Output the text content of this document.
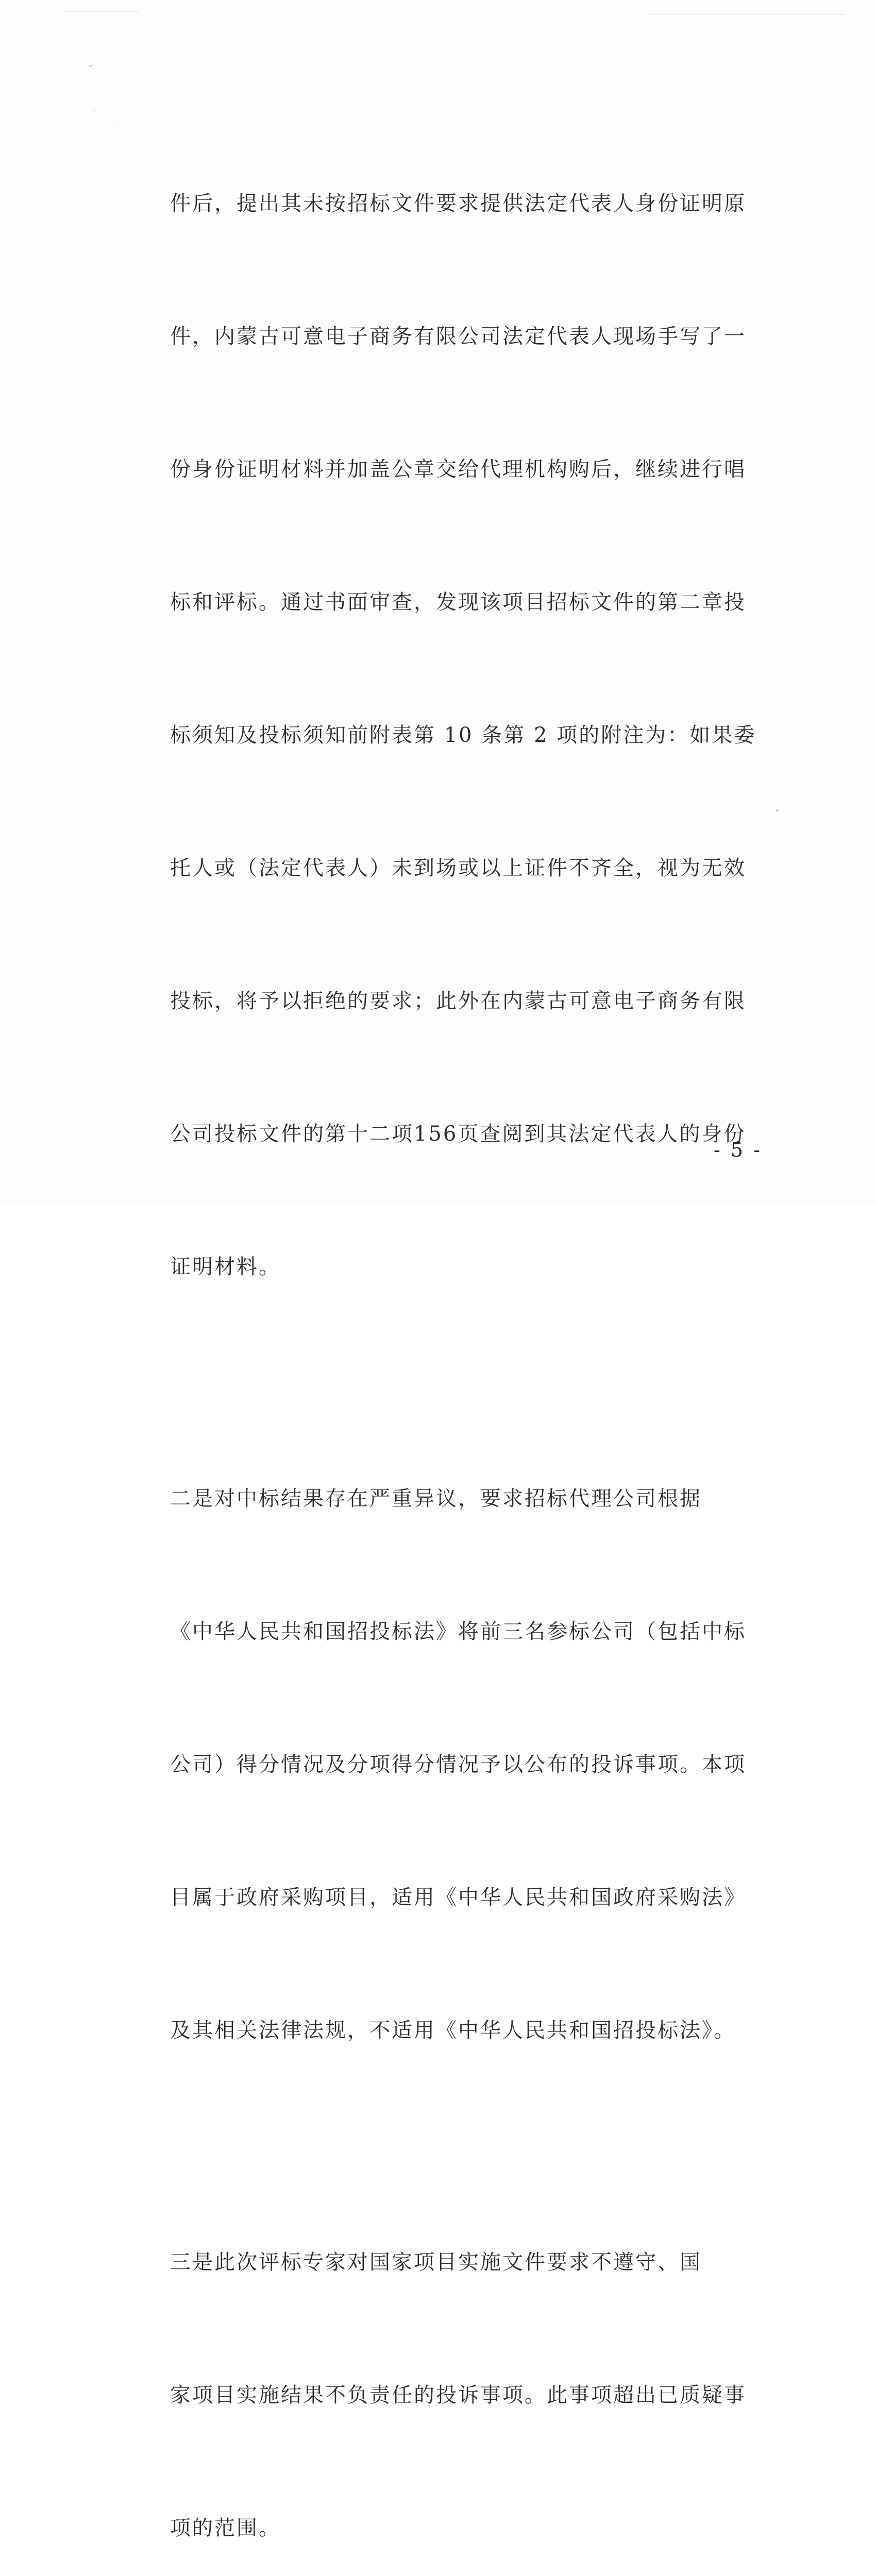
ˇ
·
·
·

件后，提出其未按招标文件要求提供法定代表人身份证明原

件，内蒙古可意电子商务有限公司法定代表人现场手写了一

份身份证明材料并加盖公章交给代理机构购后，继续进行唱

标和评标。通过书面审查，发现该项目招标文件的第二章投

标须知及投标须知前附表第 10 条第 2 项的附注为：如果委

托人或（法定代表人）未到场或以上证件不齐全，视为无效

投标，将予以拒绝的要求；此外在内蒙古可意电子商务有限

公司投标文件的第十二项156页查阅到其法定代表人的身份

证明材料。

二是对中标结果存在严重异议，要求招标代理公司根据

《中华人民共和国招投标法》将前三名参标公司（包括中标

公司）得分情况及分项得分情况予以公布的投诉事项。本项

目属于政府采购项目，适用《中华人民共和国政府采购法》

及其相关法律法规，不适用《中华人民共和国招投标法》。

三是此次评标专家对国家项目实施文件要求不遵守、国

家项目实施结果不负责任的投诉事项。此事项超出已质疑事

项的范围。

- 5 -
